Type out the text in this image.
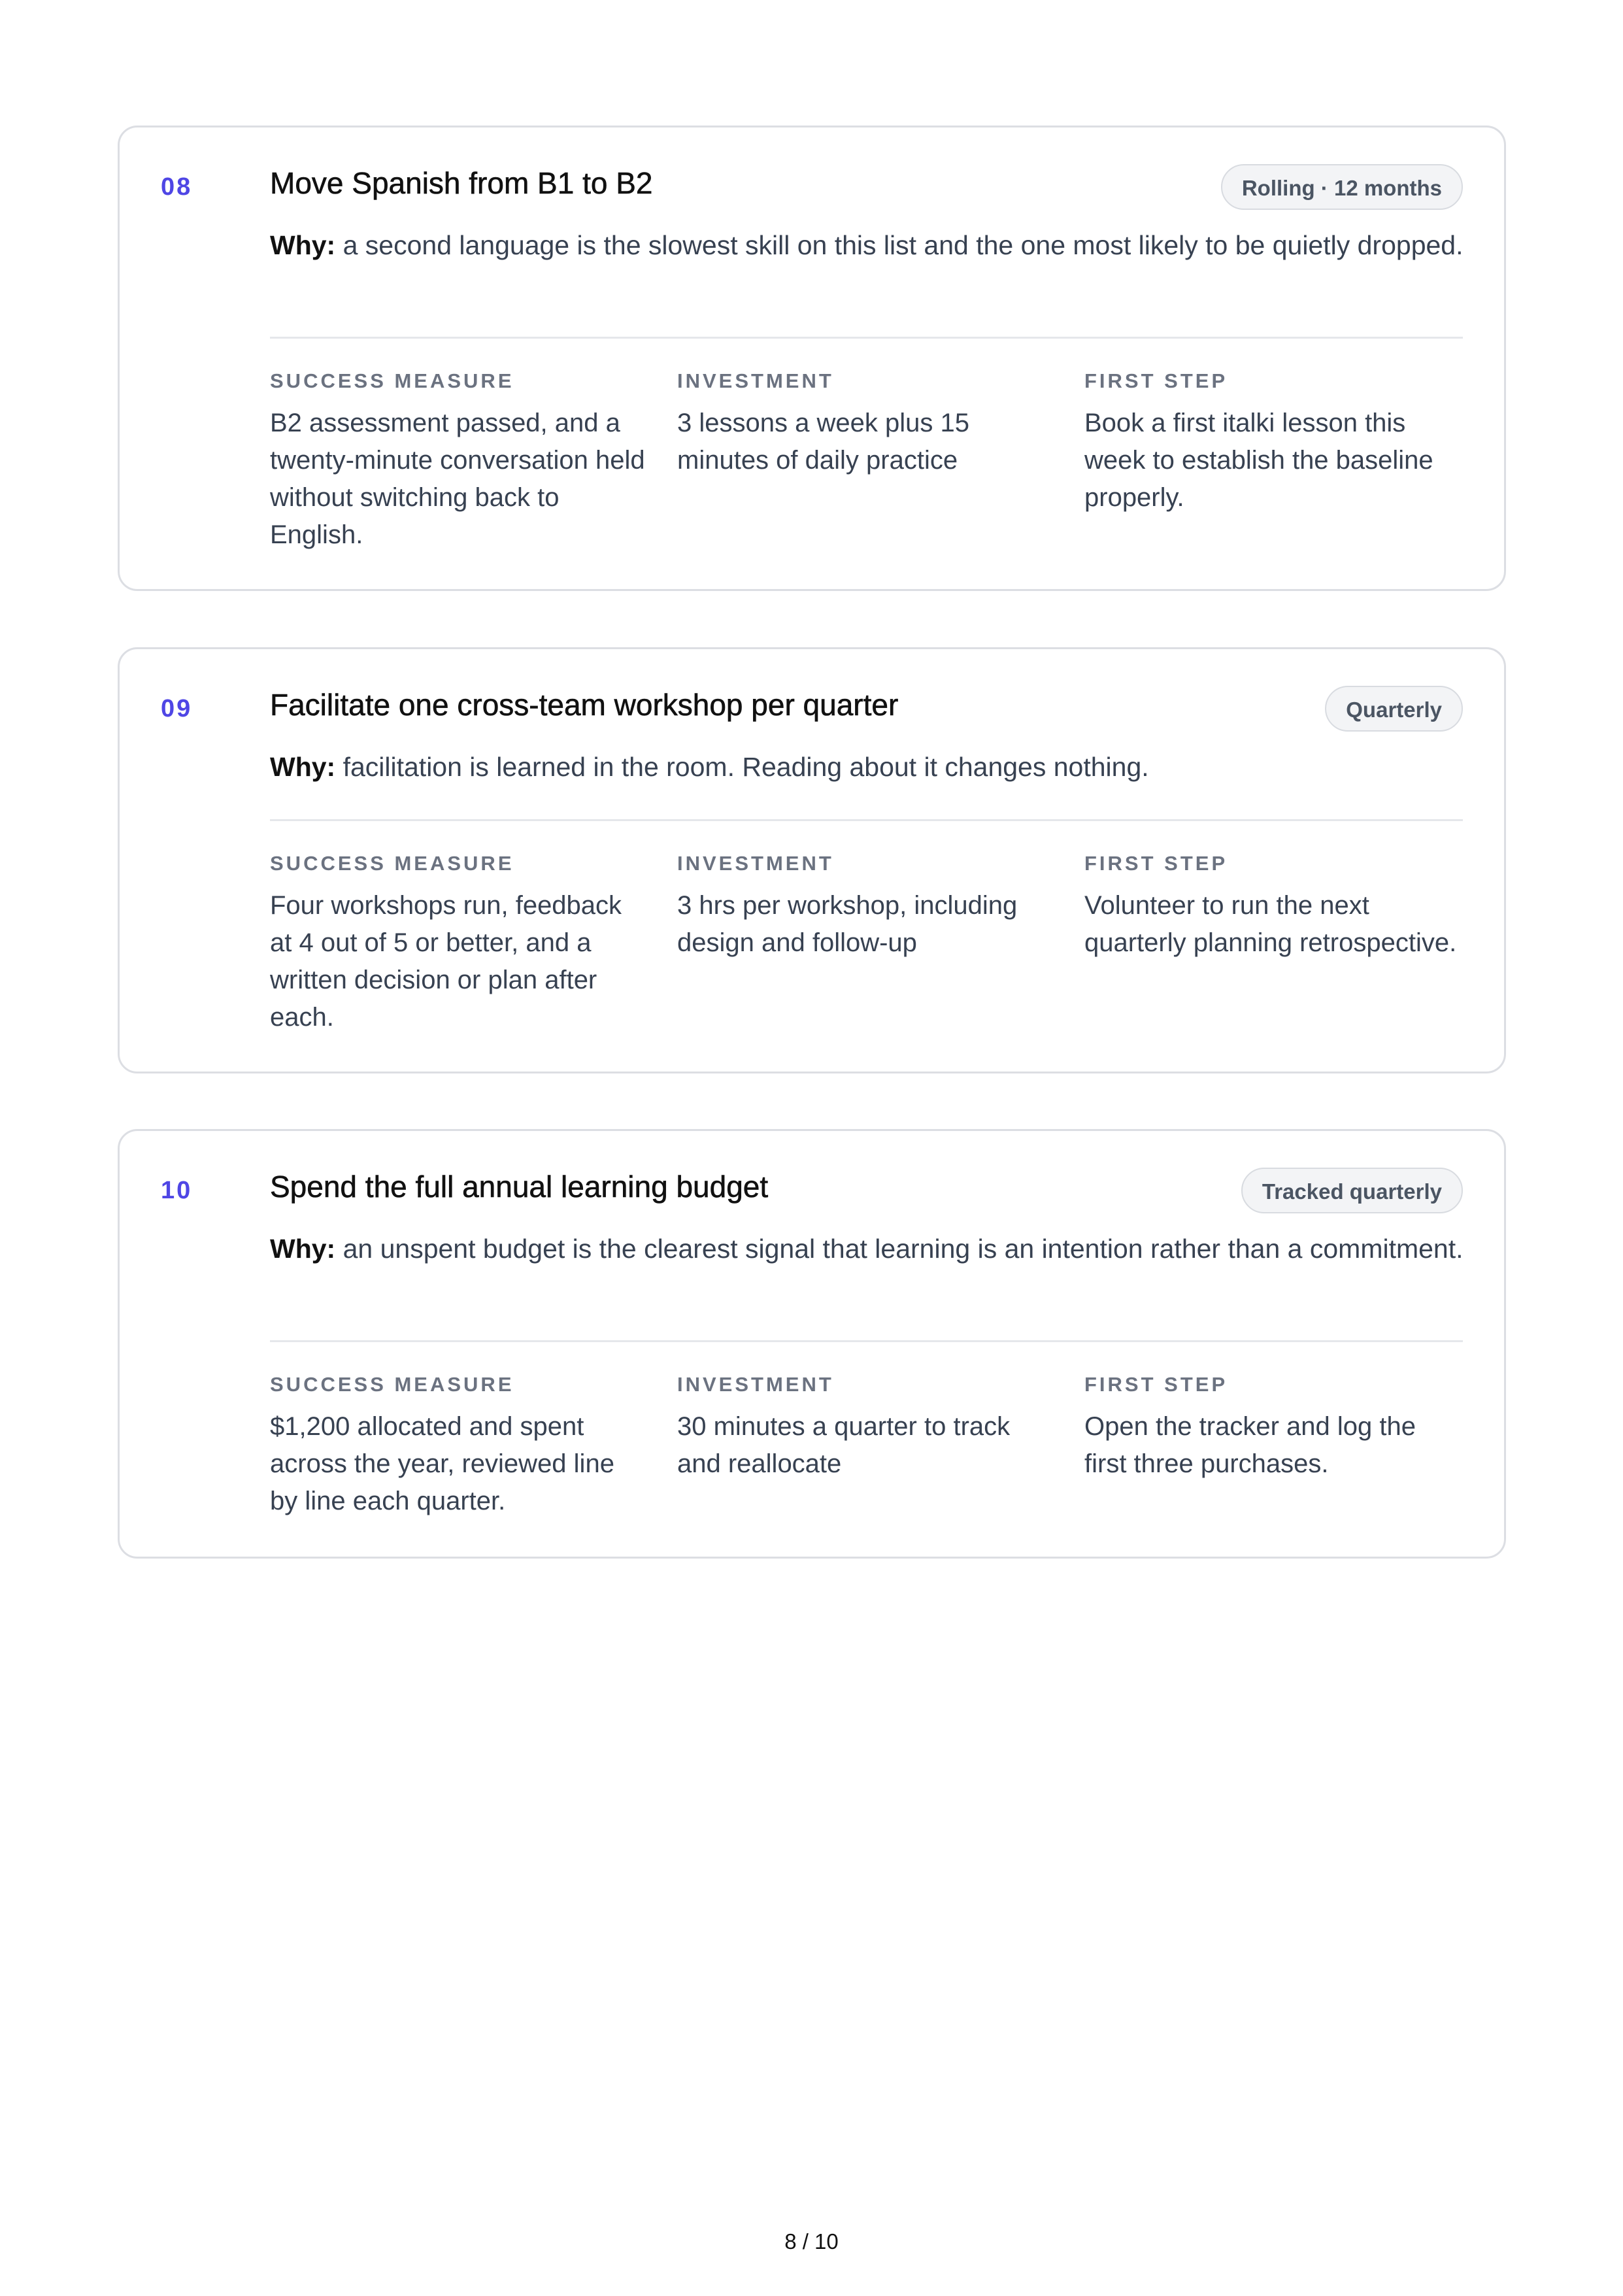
08	Move Spanish from B1 to B2	Rolling · 12 months
Why: a second language is the slowest skill on this list and the one most likely to be quietly dropped.
SUCCESS MEASURE
B2 assessment passed, and a twenty-minute conversation held without switching back to English.
INVESTMENT
3 lessons a week plus 15 minutes of daily practice
FIRST STEP
Book a first italki lesson this week to establish the baseline properly.
09	Facilitate one cross-team workshop per quarter	Quarterly
Why: facilitation is learned in the room. Reading about it changes nothing.
SUCCESS MEASURE
Four workshops run, feedback at 4 out of 5 or better, and a written decision or plan after each.
INVESTMENT
3 hrs per workshop, including design and follow-up
FIRST STEP
Volunteer to run the next quarterly planning retrospective.
10	Spend the full annual learning budget	Tracked quarterly
Why: an unspent budget is the clearest signal that learning is an intention rather than a commitment.
SUCCESS MEASURE
$1,200 allocated and spent across the year, reviewed line by line each quarter.
INVESTMENT
30 minutes a quarter to track and reallocate
FIRST STEP
Open the tracker and log the first three purchases.
8 / 10
